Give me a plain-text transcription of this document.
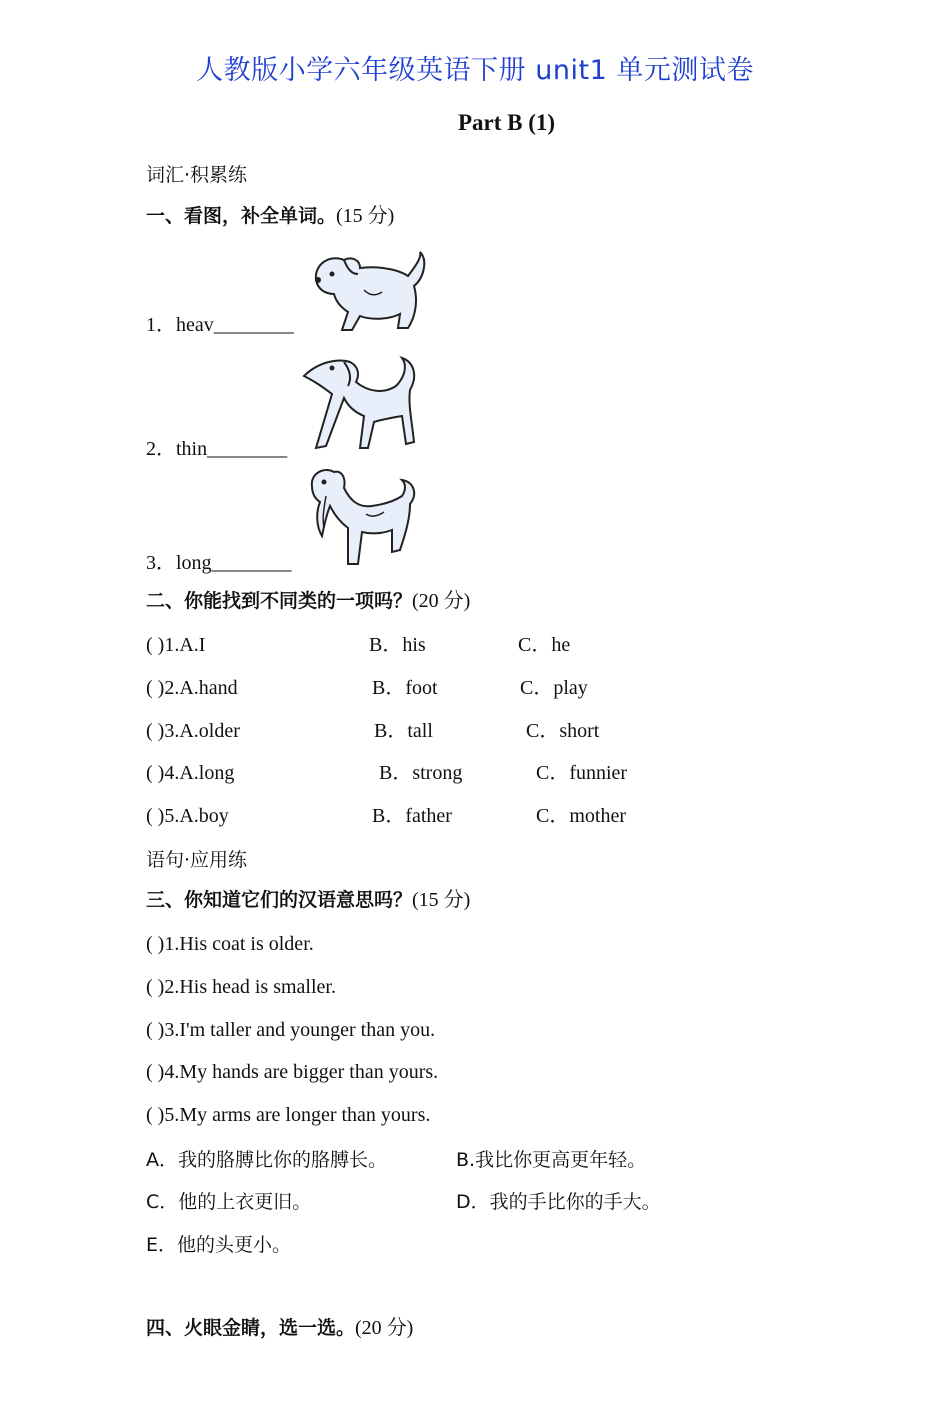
人教版小学六年级英语下册 unit1 单元测试卷
Part B (1)
词汇·积累练
一、看图，补全单词。(15 分)
1．heav________
2．thin________
3．long________
二、你能找到不同类的一项吗？(20 分)
( )1.A.I	B．his	C．he
( )2.A.hand	B．foot	C．play
( )3.A.older	B．tall	C．short
( )4.A.long	B．strong	C．funnier
( )5.A.boy	B．father	C．mother
语句·应用练
三、你知道它们的汉语意思吗？(15 分)
( )1.His coat is older.
( )2.His head is smaller.
( )3.I'm taller and younger than you.
( )4.My hands are bigger than yours.
( )5.My arms are longer than yours.
A．我的胳膊比你的胳膊长。	B.我比你更高更年轻。
C．他的上衣更旧。	D．我的手比你的手大。
E．他的头更小。
四、火眼金睛，选一选。(20 分)
